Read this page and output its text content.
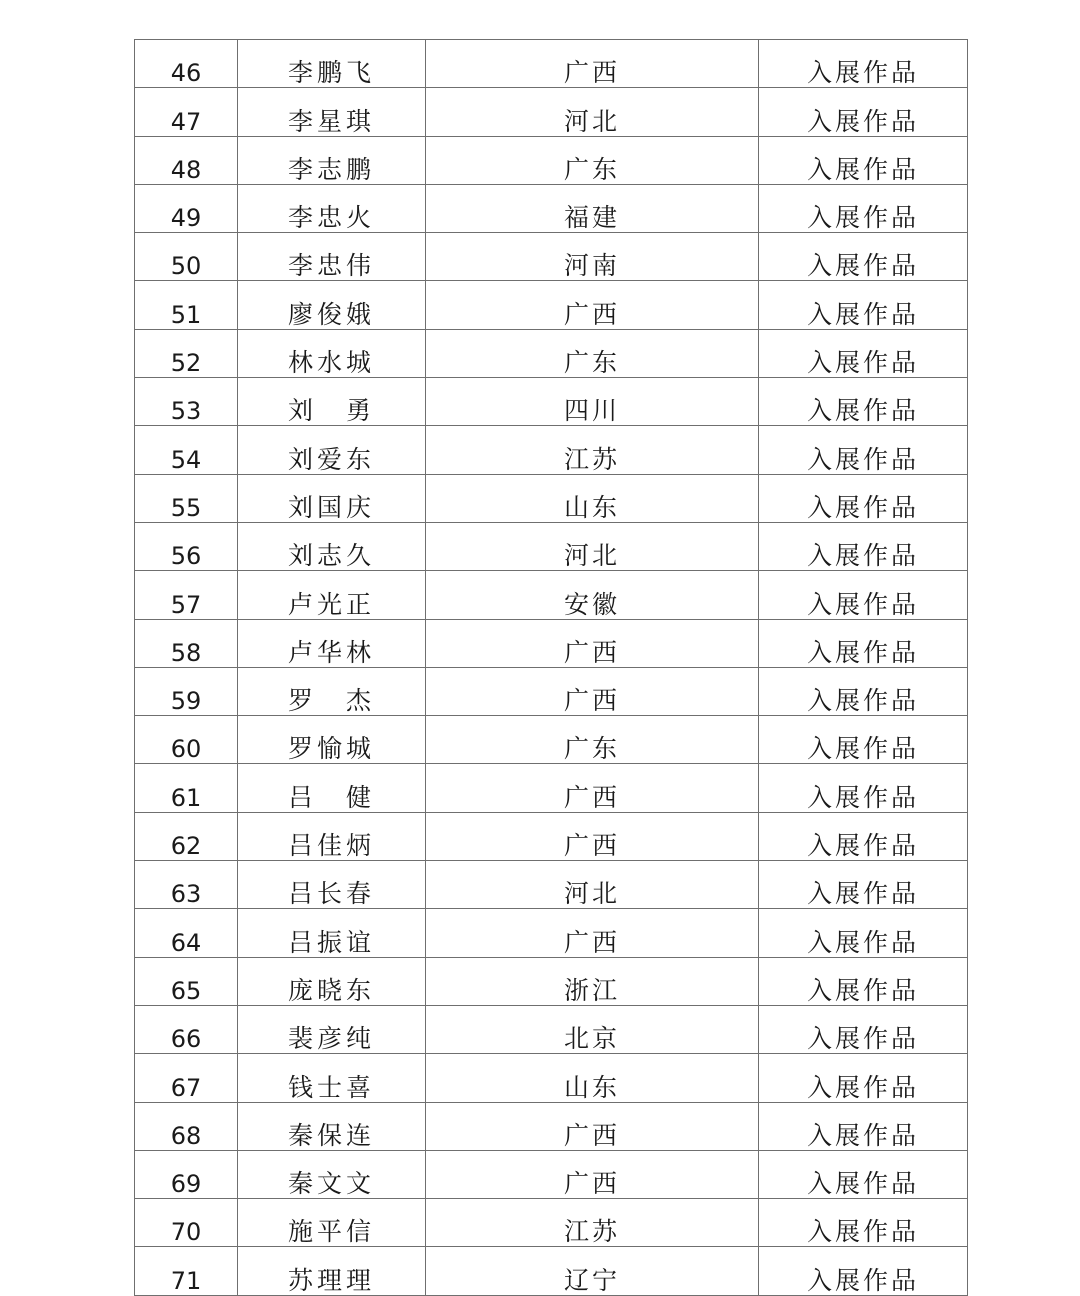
46	李鹏飞	广西	入展作品
47	李星琪	河北	入展作品
48	李志鹏	广东	入展作品
49	李忠火	福建	入展作品
50	李忠伟	河南	入展作品
51	廖俊娥	广西	入展作品
52	林水城	广东	入展作品
53	刘　勇	四川	入展作品
54	刘爱东	江苏	入展作品
55	刘国庆	山东	入展作品
56	刘志久	河北	入展作品
57	卢光正	安徽	入展作品
58	卢华林	广西	入展作品
59	罗　杰	广西	入展作品
60	罗愉城	广东	入展作品
61	吕　健	广西	入展作品
62	吕佳炳	广西	入展作品
63	吕长春	河北	入展作品
64	吕振谊	广西	入展作品
65	庞晓东	浙江	入展作品
66	裴彦纯	北京	入展作品
67	钱士喜	山东	入展作品
68	秦保连	广西	入展作品
69	秦文文	广西	入展作品
70	施平信	江苏	入展作品
71	苏理理	辽宁	入展作品
